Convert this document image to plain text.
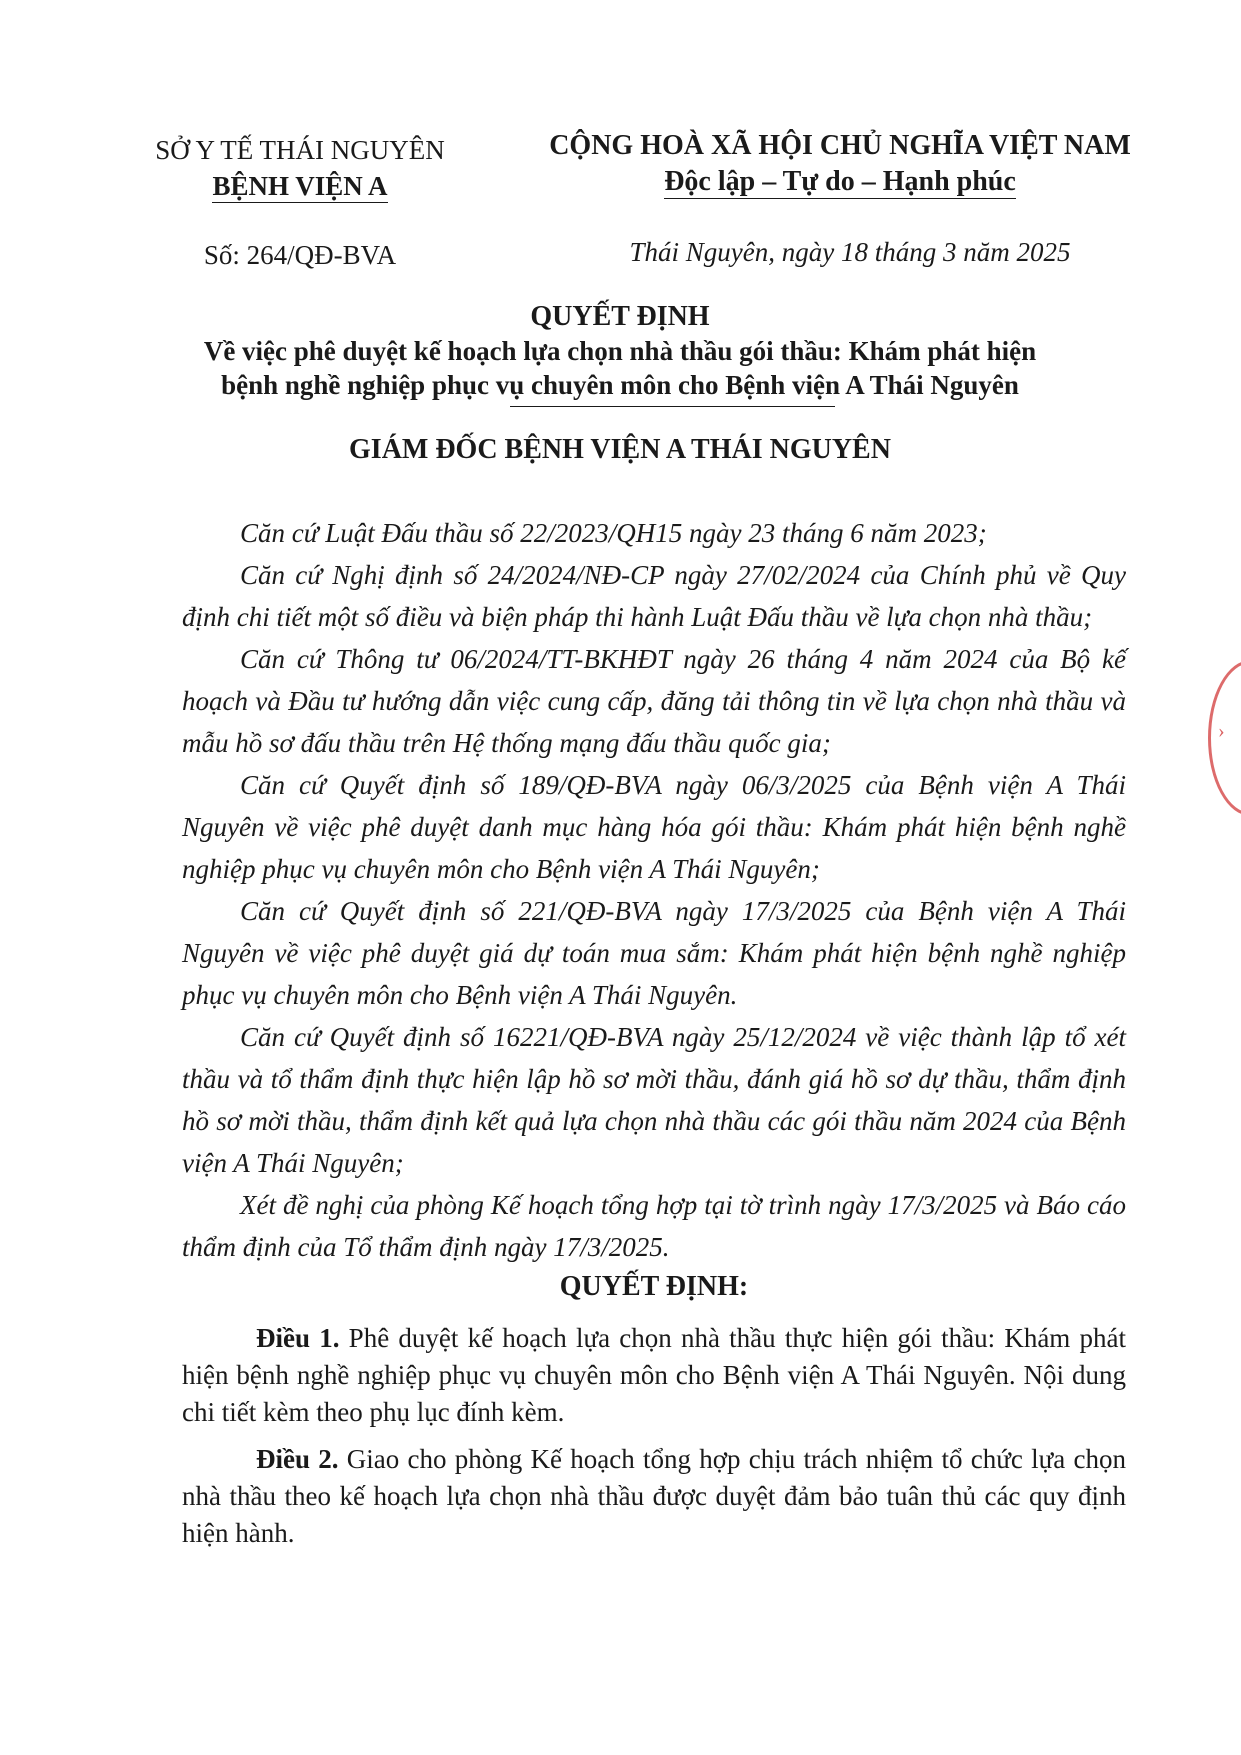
SỞ Y TẾ THÁI NGUYÊN
BỆNH VIỆN A
CỘNG HOÀ XÃ HỘI CHỦ NGHĨA VIỆT NAM
Độc lập – Tự do – Hạnh phúc
Số: 264/QĐ-BVA	Thái Nguyên, ngày 18 tháng 3 năm 2025
QUYẾT ĐỊNH
Về việc phê duyệt kế hoạch lựa chọn nhà thầu gói thầu: Khám phát hiện
bệnh nghề nghiệp phục vụ chuyên môn cho Bệnh viện A Thái Nguyên
GIÁM ĐỐC BỆNH VIỆN A THÁI NGUYÊN

Căn cứ Luật Đấu thầu số 22/2023/QH15 ngày 23 tháng 6 năm 2023;

Căn cứ Nghị định số 24/2024/NĐ-CP ngày 27/02/2024 của Chính phủ về Quy định chi tiết một số điều và biện pháp thi hành Luật Đấu thầu về lựa chọn nhà thầu;

Căn cứ Thông tư 06/2024/TT-BKHĐT ngày 26 tháng 4 năm 2024 của Bộ kế hoạch và Đầu tư hướng dẫn việc cung cấp, đăng tải thông tin về lựa chọn nhà thầu và mẫu hồ sơ đấu thầu trên Hệ thống mạng đấu thầu quốc gia;

Căn cứ Quyết định số 189/QĐ-BVA ngày 06/3/2025 của Bệnh viện A Thái Nguyên về việc phê duyệt danh mục hàng hóa gói thầu: Khám phát hiện bệnh nghề nghiệp phục vụ chuyên môn cho Bệnh viện A Thái Nguyên;

Căn cứ Quyết định số 221/QĐ-BVA ngày 17/3/2025 của Bệnh viện A Thái Nguyên về việc phê duyệt giá dự toán mua sắm: Khám phát hiện bệnh nghề nghiệp phục vụ chuyên môn cho Bệnh viện A Thái Nguyên.

Căn cứ Quyết định số 16221/QĐ-BVA ngày 25/12/2024 về việc thành lập tổ xét thầu và tổ thẩm định thực hiện lập hồ sơ mời thầu, đánh giá hồ sơ dự thầu, thẩm định hồ sơ mời thầu, thẩm định kết quả lựa chọn nhà thầu các gói thầu năm 2024 của Bệnh viện A Thái Nguyên;

Xét đề nghị của phòng Kế hoạch tổng hợp tại tờ trình ngày 17/3/2025 và Báo cáo thẩm định của Tổ thẩm định ngày 17/3/2025.

QUYẾT ĐỊNH:

Điều 1. Phê duyệt kế hoạch lựa chọn nhà thầu thực hiện gói thầu: Khám phát hiện bệnh nghề nghiệp phục vụ chuyên môn cho Bệnh viện A Thái Nguyên. Nội dung chi tiết kèm theo phụ lục đính kèm.

Điều 2. Giao cho phòng Kế hoạch tổng hợp chịu trách nhiệm tổ chức lựa chọn nhà thầu theo kế hoạch lựa chọn nhà thầu được duyệt đảm bảo tuân thủ các quy định hiện hành.

›
